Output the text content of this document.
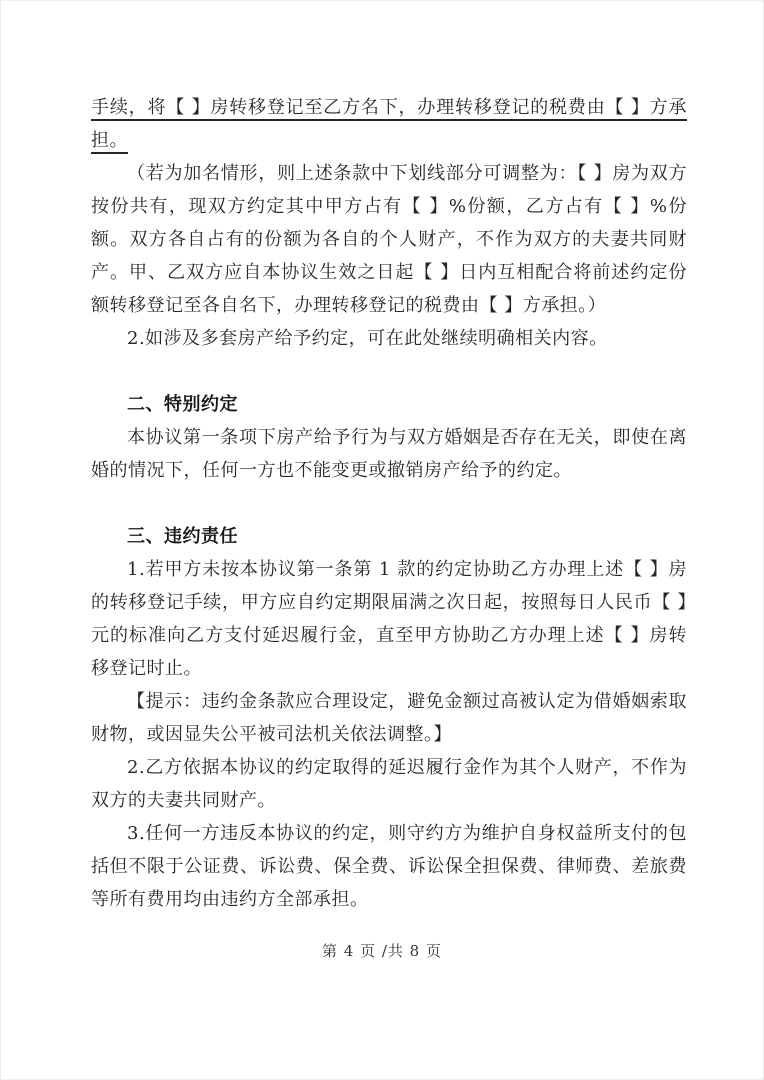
手续，将【 】房转移登记至乙方名下，办理转移登记的税费由【 】方承担。

（若为加名情形，则上述条款中下划线部分可调整为：【 】房为双方按份共有，现双方约定其中甲方占有【 】%份额，乙方占有【 】%份额。双方各自占有的份额为各自的个人财产，不作为双方的夫妻共同财产。甲、乙双方应自本协议生效之日起【 】日内互相配合将前述约定份额转移登记至各自名下，办理转移登记的税费由【 】方承担。）

2.如涉及多套房产给予约定，可在此处继续明确相关内容。

二、特别约定

本协议第一条项下房产给予行为与双方婚姻是否存在无关，即使在离婚的情况下，任何一方也不能变更或撤销房产给予的约定。

三、违约责任

1.若甲方未按本协议第一条第 1 款的约定协助乙方办理上述【 】房的转移登记手续，甲方应自约定期限届满之次日起，按照每日人民币【 】元的标准向乙方支付延迟履行金，直至甲方协助乙方办理上述【 】房转移登记时止。

【提示：违约金条款应合理设定，避免金额过高被认定为借婚姻索取财物，或因显失公平被司法机关依法调整。】

2.乙方依据本协议的约定取得的延迟履行金作为其个人财产，不作为双方的夫妻共同财产。

3.任何一方违反本协议的约定，则守约方为维护自身权益所支付的包括但不限于公证费、诉讼费、保全费、诉讼保全担保费、律师费、差旅费等所有费用均由违约方全部承担。

第 4 页 /共 8 页
